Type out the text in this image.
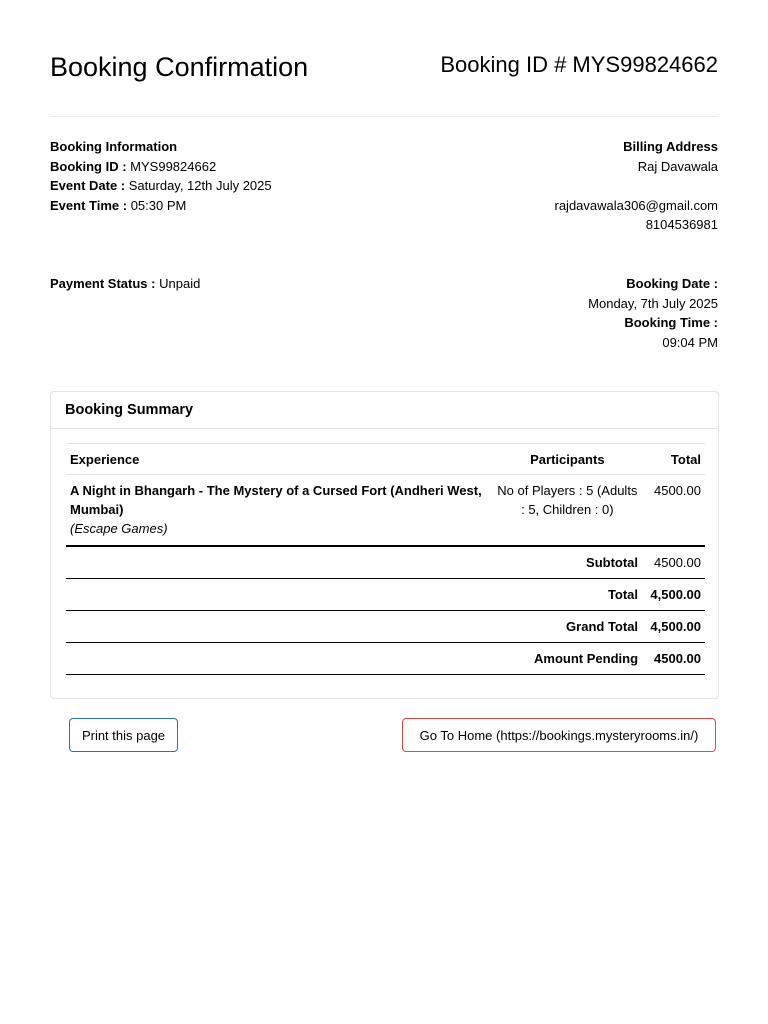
Booking Confirmation	Booking ID # MYS99824662
Booking Information
Booking ID : MYS99824662
Event Date : Saturday, 12th July 2025
Event Time : 05:30 PM
Billing Address
Raj Davawala
rajdavawala306@gmail.com
8104536981
Payment Status : Unpaid	Booking Date :
Monday, 7th July 2025
Booking Time :
09:04 PM
Booking Summary
Experience	Participants	Total

A Night in Bhangarh - The Mystery of a Cursed Fort (Andheri West, Mumbai)
(Escape Games)	No of Players : 5 (Adults : 5, Children : 0)	4500.00
	Subtotal	4500.00
	Total	4,500.00
	Grand Total	4,500.00
	Amount Pending	4500.00
Print this page	Go To Home (https://bookings.mysteryrooms.in/)
